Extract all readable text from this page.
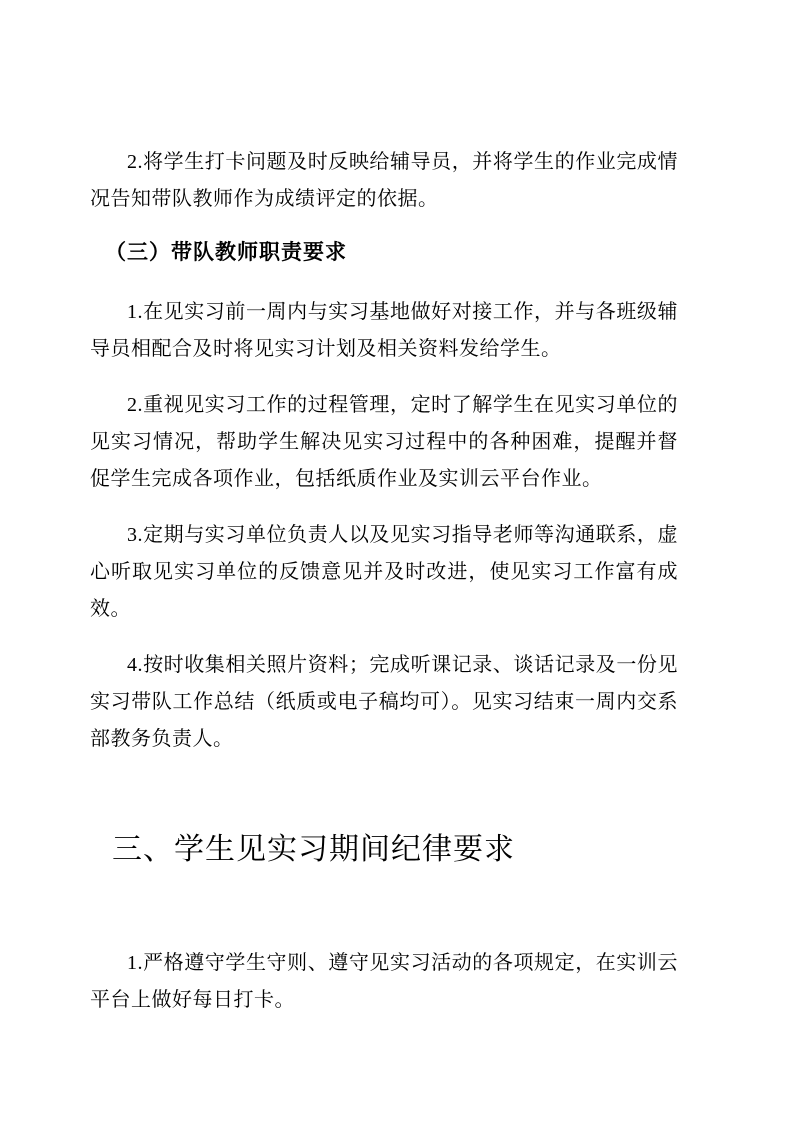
2.将学生打卡问题及时反映给辅导员，并将学生的作业完成情况告知带队教师作为成绩评定的依据。

（三）带队教师职责要求

1.在见实习前一周内与实习基地做好对接工作，并与各班级辅导员相配合及时将见实习计划及相关资料发给学生。

2.重视见实习工作的过程管理，定时了解学生在见实习单位的见实习情况，帮助学生解决见实习过程中的各种困难，提醒并督促学生完成各项作业，包括纸质作业及实训云平台作业。

3.定期与实习单位负责人以及见实习指导老师等沟通联系，虚心听取见实习单位的反馈意见并及时改进，使见实习工作富有成效。

4.按时收集相关照片资料；完成听课记录、谈话记录及一份见实习带队工作总结（纸质或电子稿均可）。见实习结束一周内交系部教务负责人。

三、学生见实习期间纪律要求

1.严格遵守学生守则、遵守见实习活动的各项规定，在实训云平台上做好每日打卡。
